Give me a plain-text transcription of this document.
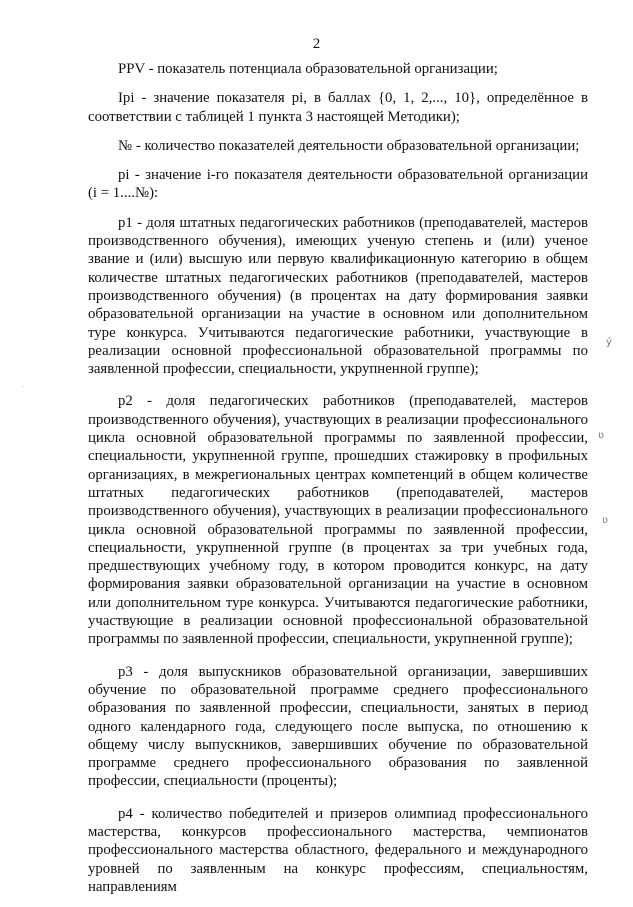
2

PPV - показатель потенциала образовательной организации;

Ipi - значение показателя pi, в баллах {0, 1, 2,..., 10}, определённое в соответствии с таблицей 1 пункта 3 настоящей Методики);

№ - количество показателей деятельности образовательной организации;

pi - значение i-го показателя деятельности образовательной организации (i = 1....№):

p1 - доля штатных педагогических работников (преподавателей, мастеров производственного обучения), имеющих ученую степень и (или) ученое звание и (или) высшую или первую квалификационную категорию в общем количестве штатных педагогических работников (преподавателей, мастеров производственного обучения) (в процентах на дату формирования заявки образовательной организации на участие в основном или дополнительном туре конкурса. Учитываются педагогические работники, участвующие в реализации основной профессиональной образовательной программы по заявленной профессии, специальности, укрупненной группе);

p2 - доля педагогических работников (преподавателей, мастеров производственного обучения), участвующих в реализации профессионального цикла основной образовательной программы по заявленной профессии, специальности, укрупненной группе, прошедших стажировку в профильных организациях, в межрегиональных центрах компетенций в общем количестве штатных педагогических работников (преподавателей, мастеров производственного обучения), участвующих в реализации профессионального цикла основной образовательной программы по заявленной профессии, специальности, укрупненной группе (в процентах за три учебных года, предшествующих учебному году, в котором проводится конкурс, на дату формирования заявки образовательной организации на участие в основном или дополнительном туре конкурса. Учитываются педагогические работники, участвующие в реализации основной профессиональной образовательной программы по заявленной профессии, специальности, укрупненной группе);

p3 - доля выпускников образовательной организации, завершивших обучение по образовательной программе среднего профессионального образования по заявленной профессии, специальности, занятых в период одного календарного года, следующего после выпуска, по отношению к общему числу выпускников, завершивших обучение по образовательной программе среднего профессионального образования по заявленной профессии, специальности (проценты);

p4 - количество победителей и призеров олимпиад профессионального мастерства, конкурсов профессионального мастерства, чемпионатов профессионального мастерства областного, федерального и международного уровней по заявленным на конкурс профессиям, специальностям, направлениям

ý
ʋ
ʋ
·
